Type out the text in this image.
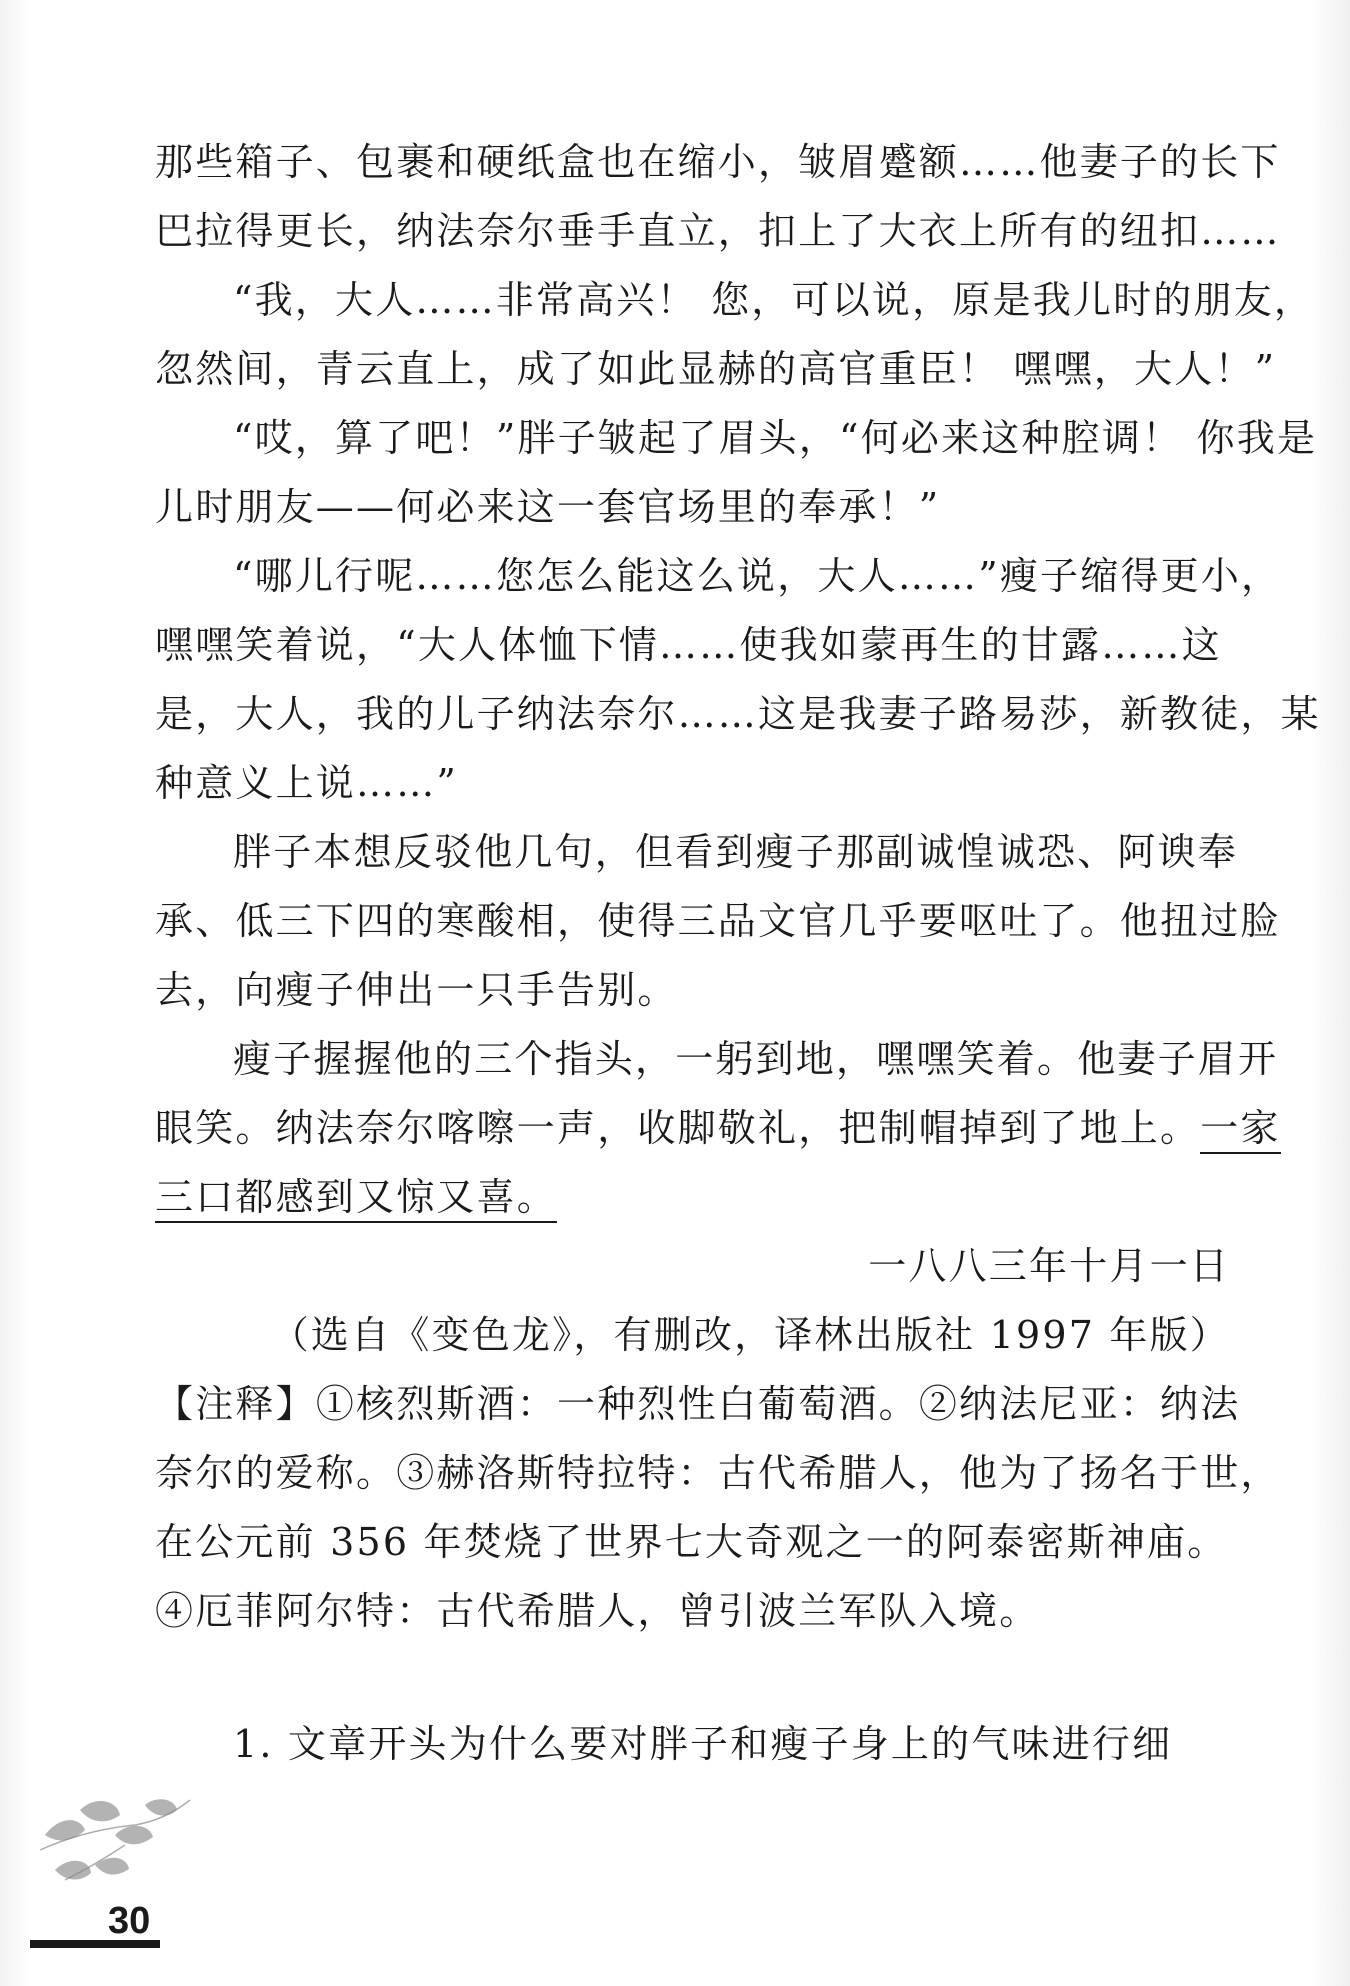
那些箱子、包裹和硬纸盒也在缩小，皱眉蹙额……他妻子的长下
巴拉得更长，纳法奈尔垂手直立，扣上了大衣上所有的纽扣……
“我，大人……非常高兴！ 您，可以说，原是我儿时的朋友，
忽然间，青云直上，成了如此显赫的高官重臣！ 嘿嘿，大人！”
“哎，算了吧！”胖子皱起了眉头，“何必来这种腔调！ 你我是
儿时朋友——何必来这一套官场里的奉承！”
“哪儿行呢……您怎么能这么说，大人……”瘦子缩得更小，
嘿嘿笑着说，“大人体恤下情……使我如蒙再生的甘露……这
是，大人，我的儿子纳法奈尔……这是我妻子路易莎，新教徒，某
种意义上说……”
胖子本想反驳他几句，但看到瘦子那副诚惶诚恐、阿谀奉
承、低三下四的寒酸相，使得三品文官几乎要呕吐了。他扭过脸
去，向瘦子伸出一只手告别。
瘦子握握他的三个指头，一躬到地，嘿嘿笑着。他妻子眉开
眼笑。纳法奈尔喀嚓一声，收脚敬礼，把制帽掉到了地上。一家
三口都感到又惊又喜。
一八八三年十月一日
（选自《变色龙》，有删改，译林出版社 1997 年版）
【注释】①核烈斯酒：一种烈性白葡萄酒。②纳法尼亚：纳法
奈尔的爱称。③赫洛斯特拉特：古代希腊人，他为了扬名于世，
在公元前 356 年焚烧了世界七大奇观之一的阿泰密斯神庙。
④厄菲阿尔特：古代希腊人，曾引波兰军队入境。
1. 文章开头为什么要对胖子和瘦子身上的气味进行细
30
